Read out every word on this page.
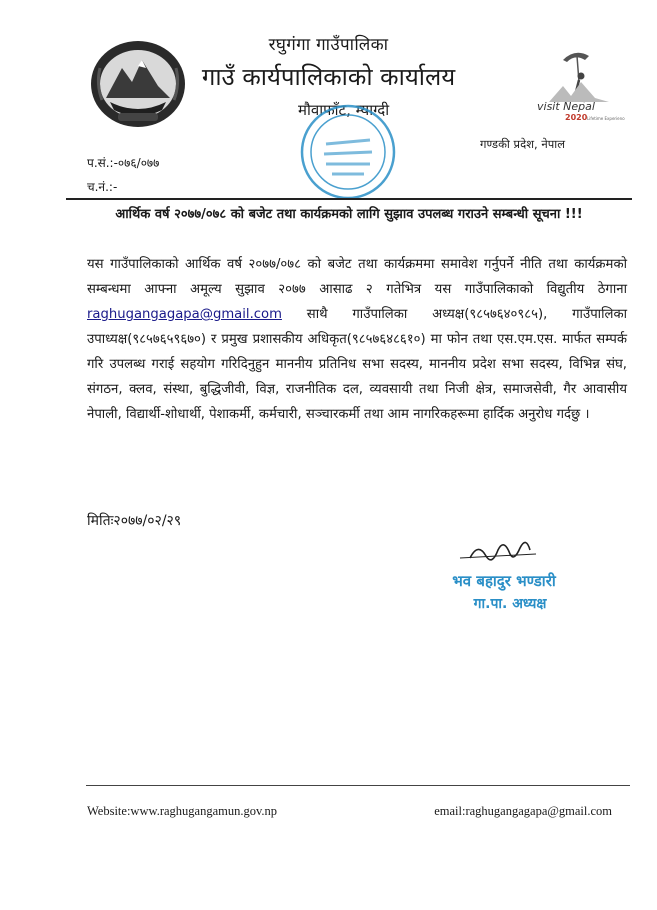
रघुगंगा गाउँपालिका
गाउँ कार्यपालिकाको कार्यालय
मौवाफाँट, म्याग्दी	visit Nepal
2020 Lifetime Experiences
गण्डकी प्रदेश, नेपाल
प.सं.:-०७६/०७७
च.नं.:-
आर्थिक वर्ष २०७७/०७८ को बजेट तथा कार्यक्रमको लागि सुझाव उपलब्ध गराउने सम्बन्धी सूचना !!!
यस गाउँपालिकाको आर्थिक वर्ष २०७७/०७८ को बजेट तथा कार्यक्रममा समावेश गर्नुपर्ने नीति तथा कार्यक्रमको सम्बन्धमा आफ्ना अमूल्य सुझाव २०७७ आसाढ २ गतेभित्र यस गाउँपालिकाको विद्युतीय ठेगाना raghugangagapa@gmail.com साथै गाउँपालिका अध्यक्ष(९८५७६४०९८५), गाउँपालिका उपाध्यक्ष(९८५७६५९६७०) र प्रमुख प्रशासकीय अधिकृत(९८५७६४८६१०) मा फोन तथा एस.एम.एस. मार्फत सम्पर्क गरि उपलब्ध गराई सहयोग गरिदिनुहुन माननीय प्रतिनिध सभा सदस्य, माननीय प्रदेश सभा सदस्य, विभिन्न संघ, संगठन, क्लव, संस्था, बुद्धिजीवी, विज्ञ, राजनीतिक दल, व्यवसायी तथा निजी क्षेत्र, समाजसेवी, गैर आवासीय नेपाली, विद्यार्थी-शोधार्थी, पेशाकर्मी, कर्मचारी, सञ्चारकर्मी तथा आम नागरिकहरूमा हार्दिक अनुरोध गर्दछु ।
मितिः२०७७/०२/२९
भव बहादुर भण्डारी
गा.पा. अध्यक्ष
Website:www.raghugangamun.gov.np	email:raghugangagapa@gmail.com
